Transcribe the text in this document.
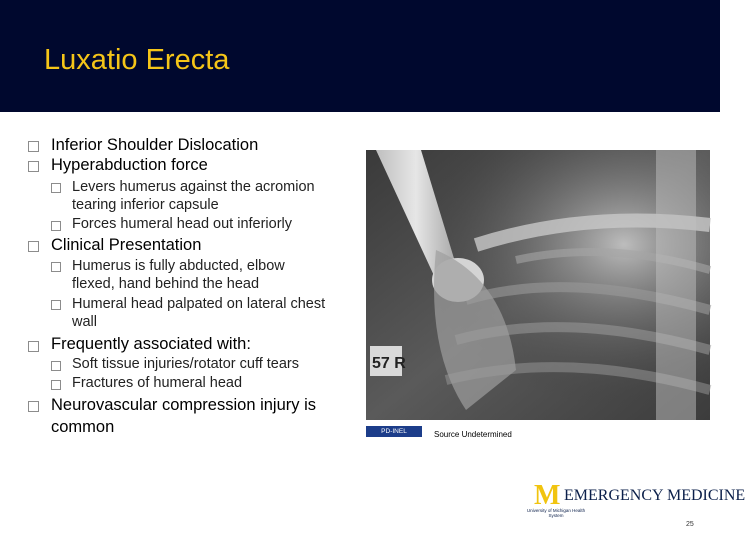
Luxatio Erecta
Inferior Shoulder Dislocation
Hyperabduction force
Levers humerus against the acromion
tearing inferior capsule
Forces humeral head out inferiorly
Clinical Presentation
Humerus is fully abducted, elbow
flexed, hand behind the head
Humeral head palpated on lateral chest
wall
Frequently associated with:
Soft tissue injuries/rotator cuff tears
Fractures of humeral head
Neurovascular compression injury is
common
57 R
PD-INEL	Source Undetermined
M EMERGENCY MEDICINE
University of Michigan Health System
25
